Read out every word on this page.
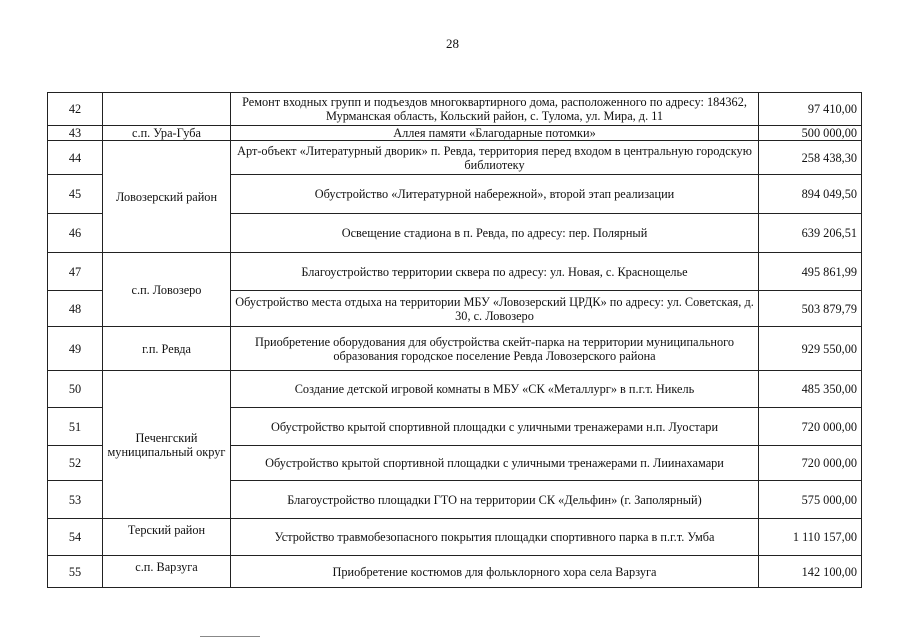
28
42		Ремонт входных групп и подъездов многоквартирного дома, расположенного по адресу: 184362, Мурманская область, Кольский район, с. Тулома, ул. Мира, д. 11	97 410,00
43	с.п. Ура-Губа	Аллея памяти «Благодарные потомки»	500 000,00
44	Ловозерский район	Арт-объект «Литературный дворик» п. Ревда, территория перед входом в центральную городскую библиотеку	258 438,30
45		Обустройство «Литературной набережной», второй этап реализации	894 049,50
46		Освещение стадиона в п. Ревда, по адресу: пер. Полярный	639 206,51
47	с.п. Ловозеро	Благоустройство территории сквера по адресу: ул. Новая, с. Краснощелье	495 861,99
48		Обустройство места отдыха на территории МБУ «Ловозерский ЦРДК» по адресу: ул. Советская, д. 30, с. Ловозеро	503 879,79
49	г.п. Ревда	Приобретение оборудования для обустройства скейт-парка на территории муниципального образования городское поселение Ревда Ловозерского района	929 550,00
50	Печенгский муниципальный округ	Создание детской игровой комнаты в МБУ «СК «Металлург» в п.г.т. Никель	485 350,00
51		Обустройство крытой спортивной площадки с уличными тренажерами н.п. Луостари	720 000,00
52		Обустройство крытой спортивной площадки с уличными тренажерами п. Лиинахамари	720 000,00
53		Благоустройство площадки ГТО на территории СК «Дельфин» (г. Заполярный)	575 000,00
54	Терский район	Устройство травмобезопасного покрытия площадки спортивного парка в п.г.т. Умба	1 110 157,00
55	с.п. Варзуга	Приобретение костюмов для фольклорного хора села Варзуга	142 100,00
